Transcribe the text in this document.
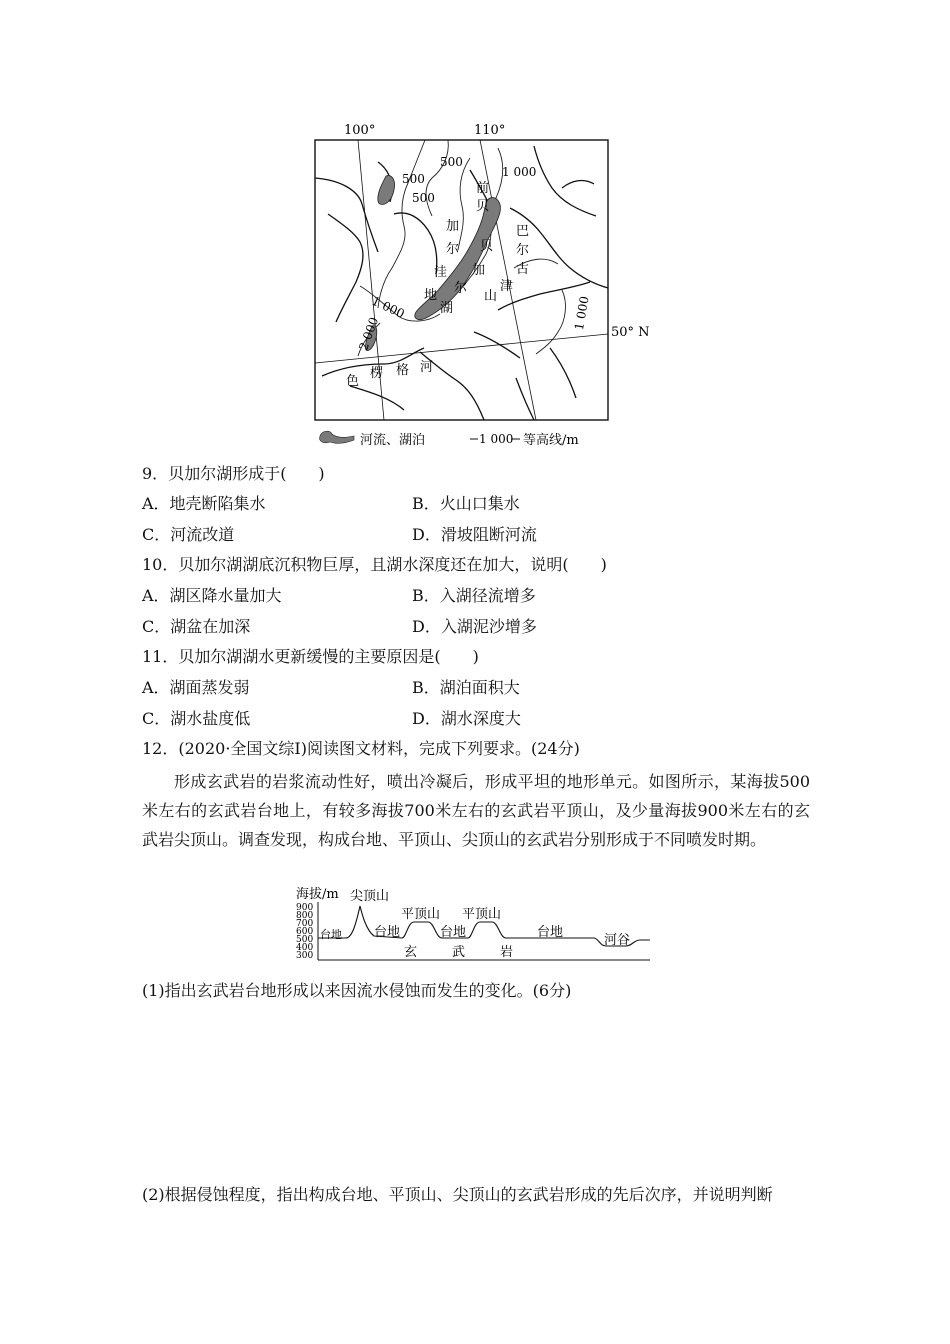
100°	110°
50° N
500
500
500
1 000
1 000	1 000
2 000
前
贝
加
尔
洼
地
贝
加
尔
湖
巴
尔
古
津
山
色
楞 格 河
河流、湖泊	1 000 等高线/m
9．贝加尔湖形成于(　　)
A．地壳断陷集水	B．火山口集水
C．河流改道	D．滑坡阻断河流
10．贝加尔湖湖底沉积物巨厚，且湖水深度还在加大，说明(　　)
A．湖区降水量加大	B．入湖径流增多
C．湖盆在加深	D．入湖泥沙增多
11．贝加尔湖湖水更新缓慢的主要原因是(　　)
A．湖面蒸发弱	B．湖泊面积大
C．湖水盐度低	D．湖水深度大
12．(2020·全国文综Ⅰ)阅读图文材料，完成下列要求。(24分)

形成玄武岩的岩浆流动性好，喷出冷凝后，形成平坦的地形单元。如图所示，某海拔500米左右的玄武岩台地上，有较多海拔700米左右的玄武岩平顶山，及少量海拔900米左右的玄武岩尖顶山。调查发现，构成台地、平顶山、尖顶山的玄武岩分别形成于不同喷发时期。

海拔/m
900
800
700
600
500
400
300
尖顶山
台地 台地
平顶山
台地
平顶山
台地
河谷
玄	武	岩
(1)指出玄武岩台地形成以来因流水侵蚀而发生的变化。(6分)
(2)根据侵蚀程度，指出构成台地、平顶山、尖顶山的玄武岩形成的先后次序，并说明判断
